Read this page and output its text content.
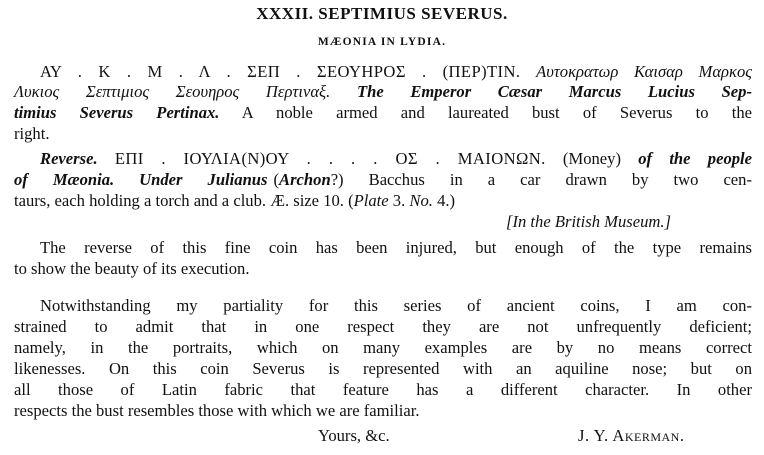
XXXII. SEPTIMIUS SEVERUS.
MÆONIA IN LYDIA.
ΑΥ . Κ . Μ . Λ . ΣΕΠ . ΣΕΟΥΗΡΟΣ . (ΠΕΡ)ΤΙΝ. Αυτοκρατωρ Καισαρ Μαρκος
Λυκιος Σεπτιμιος Σεουηρος Περτιναξ. The Emperor Cæsar Marcus Lucius Sep-
timius Severus Pertinax. A noble armed and laureated bust of Severus to the
right.
Reverse. ΕΠΙ . ΙΟΥΛΙΑ(Ν)ΟΥ . . . . ΟΣ . ΜΑΙΟΝΩΝ. (Money) of the people
of Mæonia. Under Julianus (Archon?) Bacchus in a car drawn by two cen-
taurs, each holding a torch and a club. Æ. size 10. (Plate 3. No. 4.)
[In the British Museum.]
The reverse of this fine coin has been injured, but enough of the type remains
to show the beauty of its execution.
Notwithstanding my partiality for this series of ancient coins, I am con-
strained to admit that in one respect they are not unfrequently deficient;
namely, in the portraits, which on many examples are by no means correct
likenesses. On this coin Severus is represented with an aquiline nose; but on
all those of Latin fabric that feature has a different character. In other
respects the bust resembles those with which we are familiar.
Yours, &c.	J. Y. Akerman.
